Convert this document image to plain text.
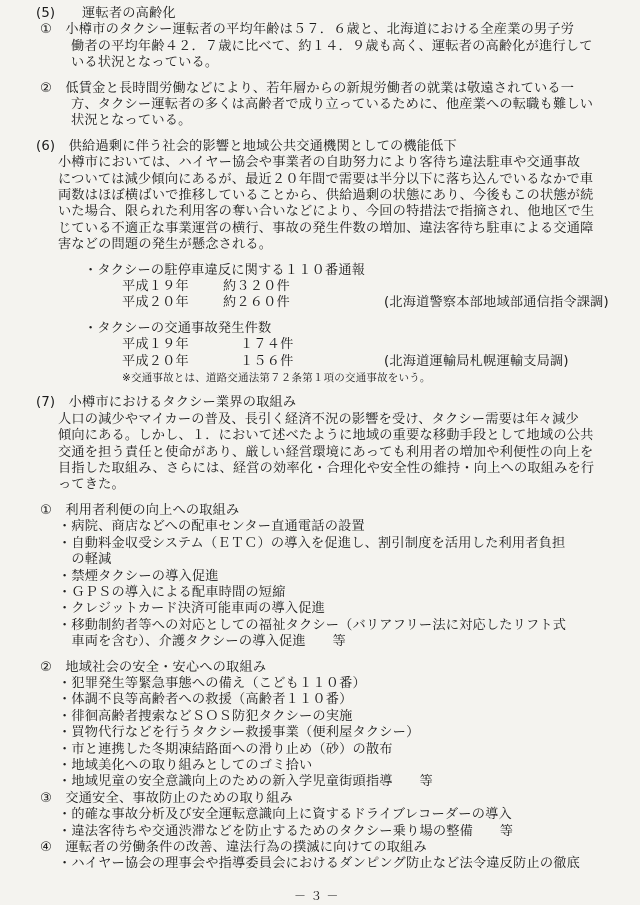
(5)　　運転者の高齢化
①　小樽市のタクシー運転者の平均年齢は５７．６歳と、北海道における全産業の男子労
働者の平均年齢４２．７歳に比べて、約１４．９歳も高く、運転者の高齢化が進行して
いる状況となっている。
②　低賃金と長時間労働などにより、若年層からの新規労働者の就業は敬遠されている一
方、タクシー運転者の多くは高齢者で成り立っているために、他産業への転職も難しい
状況となっている。
(6)　供給過剰に伴う社会的影響と地域公共交通機関としての機能低下
小樽市においては、ハイヤー協会や事業者の自助努力により客待ち違法駐車や交通事故
については減少傾向にあるが、最近２０年間で需要は半分以下に落ち込んでいるなかで車
両数はほぼ横ばいで推移していることから、供給過剰の状態にあり、今後もこの状態が続
いた場合、限られた利用客の奪い合いなどにより、今回の特措法で指摘され、他地区で生
じている不適正な事業運営の横行、事故の発生件数の増加、違法客待ち駐車による交通障
害などの問題の発生が懸念される。
・タクシーの駐停車違反に関する１１０番通報
平成１９年	約３２０件
平成２０年	約２６０件	(北海道警察本部地域部通信指令課調)
・タクシーの交通事故発生件数
平成１９年	１７４件
平成２０年	１５６件	(北海道運輸局札幌運輸支局調)
※交通事故とは、道路交通法第７２条第１項の交通事故をいう。
(7)　小樽市におけるタクシー業界の取組み
人口の減少やマイカーの普及、長引く経済不況の影響を受け、タクシー需要は年々減少
傾向にある。しかし、１．において述べたように地域の重要な移動手段として地域の公共
交通を担う責任と使命があり、厳しい経営環境にあっても利用者の増加や利便性の向上を
目指した取組み、さらには、経営の効率化・合理化や安全性の維持・向上への取組みを行
ってきた。
①　利用者利便の向上への取組み
・病院、商店などへの配車センター直通電話の設置
・自動料金収受システム（ＥＴＣ）の導入を促進し、割引制度を活用した利用者負担
　の軽減
・禁煙タクシーの導入促進
・ＧＰＳの導入による配車時間の短縮
・クレジットカード決済可能車両の導入促進
・移動制約者等への対応としての福祉タクシー（バリアフリー法に対応したリフト式
　車両を含む）、介護タクシーの導入促進　　等
②　地域社会の安全・安心への取組み
・犯罪発生等緊急事態への備え（こども１１０番）
・体調不良等高齢者への救援（高齢者１１０番）
・徘徊高齢者捜索などＳＯＳ防犯タクシーの実施
・買物代行などを行うタクシー救援事業（便利屋タクシー）
・市と連携した冬期凍結路面への滑り止め（砂）の散布
・地域美化への取り組みとしてのゴミ拾い
・地域児童の安全意識向上のための新入学児童街頭指導　　等
③　交通安全、事故防止のための取り組み
・的確な事故分析及び安全運転意識向上に資するドライブレコーダーの導入
・違法客待ちや交通渋滞などを防止するためのタクシー乗り場の整備　　等
④　運転者の労働条件の改善、違法行為の撲滅に向けての取組み
・ハイヤー協会の理事会や指導委員会におけるダンピング防止など法令違反防止の徹底
－ ３ －
